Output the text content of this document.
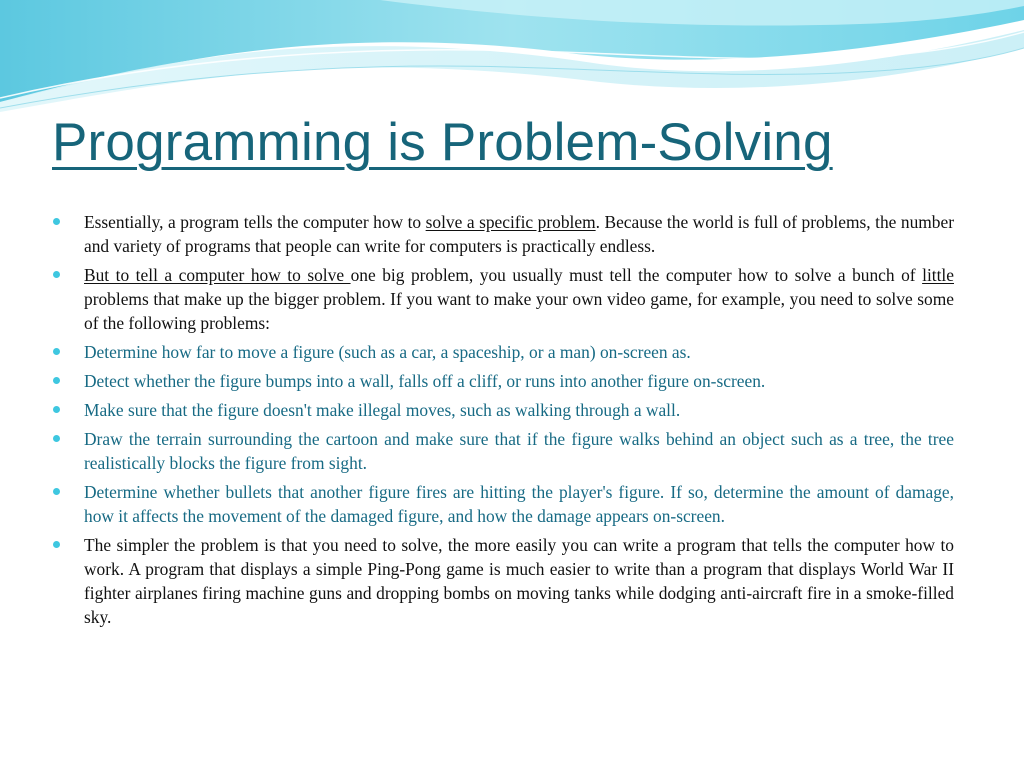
Programming is Problem-Solving
Essentially, a program tells the computer how to solve a specific problem. Because the world is full of problems, the number and variety of programs that people can write for computers is practically endless.
But to tell a computer how to solve one big problem, you usually must tell the computer how to solve a bunch of little problems that make up the bigger problem. If you want to make your own video game, for example, you need to solve some of the following problems:
Determine how far to move a figure (such as a car, a spaceship, or a man) on-screen as.
Detect whether the figure bumps into a wall, falls off a cliff, or runs into another figure on-screen.
Make sure that the figure doesn't make illegal moves, such as walking through a wall.
Draw the terrain surrounding the cartoon and make sure that if the figure walks behind an object such as a tree, the tree realistically blocks the figure from sight.
Determine whether bullets that another figure fires are hitting the player's figure. If so, determine the amount of damage, how it affects the movement of the damaged figure, and how the damage appears on-screen.
The simpler the problem is that you need to solve, the more easily you can write a program that tells the computer how to work. A program that displays a simple Ping-Pong game is much easier to write than a program that displays World War II fighter airplanes firing machine guns and dropping bombs on moving tanks while dodging anti-aircraft fire in a smoke-filled sky.
